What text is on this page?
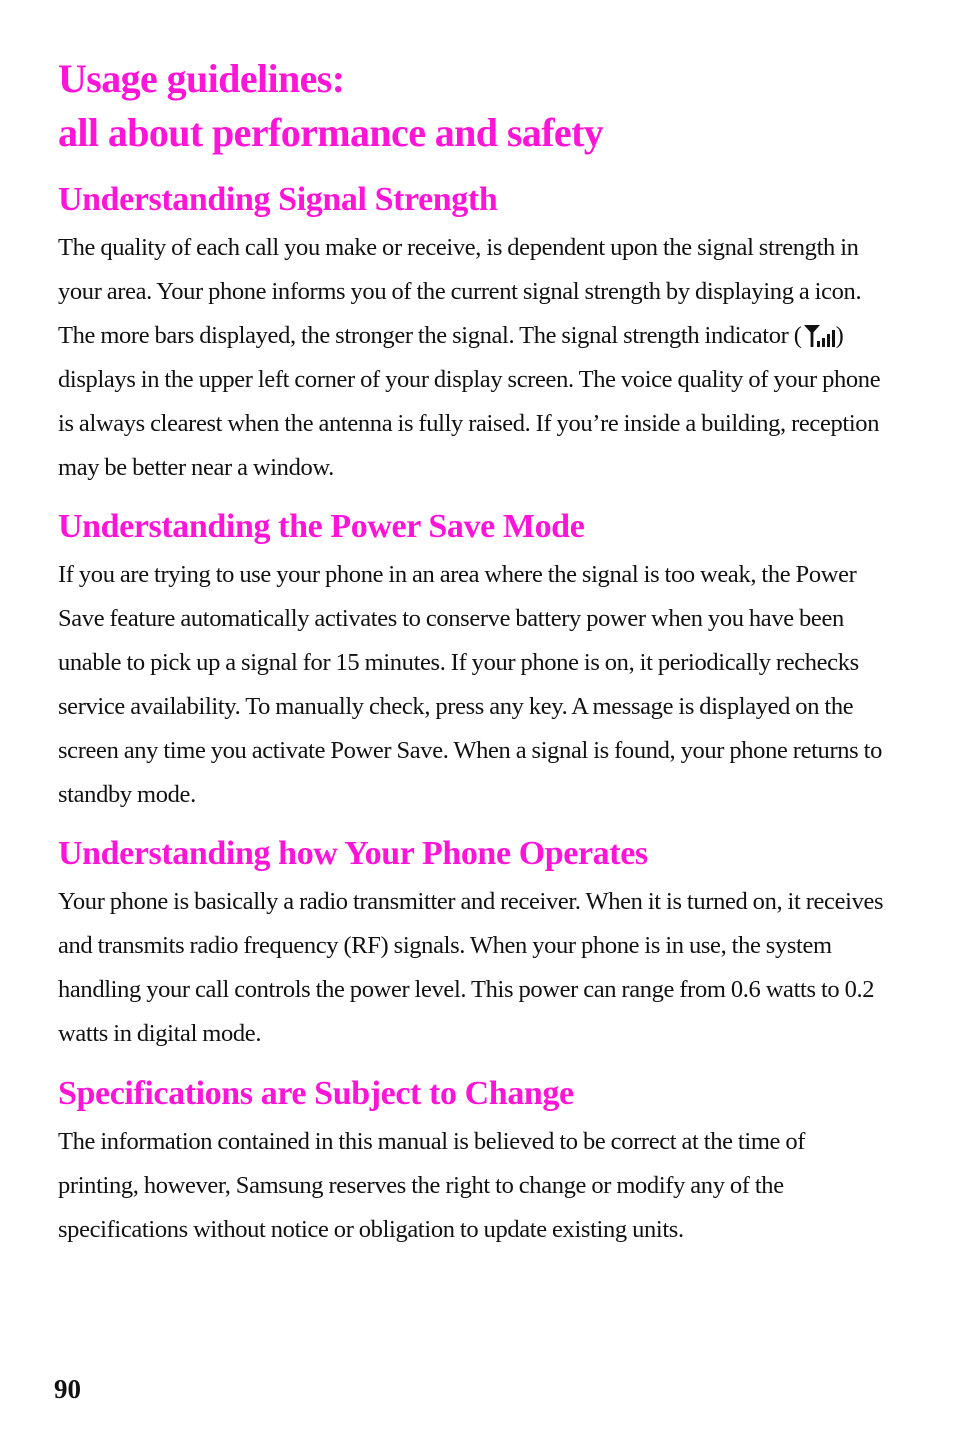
Usage guidelines:
all about performance and safety
Understanding Signal Strength

The quality of each call you make or receive, is dependent upon the signal strength in your area. Your phone informs you of the current signal strength by displaying a icon. The more bars displayed, the stronger the signal. The signal strength indicator ( ) displays in the upper left corner of your display screen. The voice quality of your phone is always clearest when the antenna is fully raised. If you’re inside a building, reception may be better near a window.

Understanding the Power Save Mode

If you are trying to use your phone in an area where the signal is too weak, the Power Save feature automatically activates to conserve battery power when you have been unable to pick up a signal for 15 minutes. If your phone is on, it periodically rechecks service availability. To manually check, press any key. A message is displayed on the screen any time you activate Power Save. When a signal is found, your phone returns to standby mode.

Understanding how Your Phone Operates

Your phone is basically a radio transmitter and receiver. When it is turned on, it receives and transmits radio frequency (RF) signals. When your phone is in use, the system handling your call controls the power level. This power can range from 0.6 watts to 0.2 watts in digital mode.

Specifications are Subject to Change

The information contained in this manual is believed to be correct at the time of printing, however, Samsung reserves the right to change or modify any of the specifications without notice or obligation to update existing units.

90
